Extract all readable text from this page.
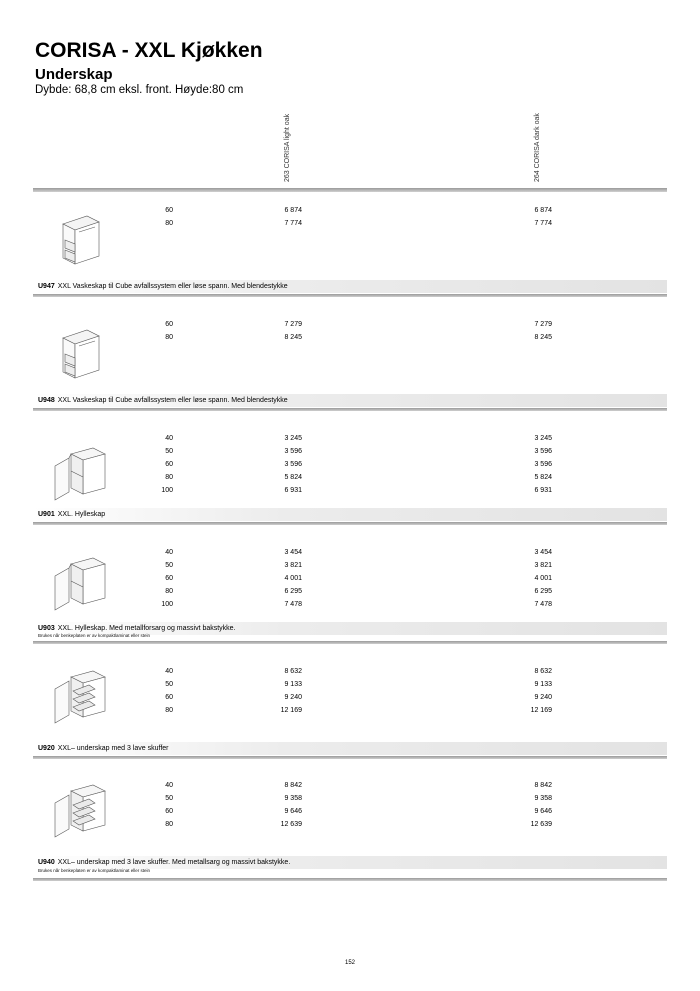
CORISA - XXL Kjøkken
Underskap
Dybde: 68,8 cm eksl. front. Høyde:80 cm
263 CORISA light oak	264 CORISA dark oak
60	6 874	6 874
80	7 774	7 774
U947 XXL Vaskeskap til Cube avfallssystem eller løse spann. Med blendestykke
60	7 279	7 279
80	8 245	8 245
U948 XXL Vaskeskap til Cube avfallssystem eller løse spann. Med blendestykke
40	3 245	3 245
50	3 596	3 596
60	3 596	3 596
80	5 824	5 824
100	6 931	6 931
U901 XXL. Hylleskap
40	3 454	3 454
50	3 821	3 821
60	4 001	4 001
80	6 295	6 295
100	7 478	7 478
U903 XXL. Hylleskap. Med metallforsarg og massivt bakstykke.
Brukes når benkeplaten er av kompaktlaminat eller stein
40	8 632	8 632
50	9 133	9 133
60	9 240	9 240
80	12 169	12 169
U920 XXL– underskap med 3 lave skuffer
40	8 842	8 842
50	9 358	9 358
60	9 646	9 646
80	12 639	12 639
U940 XXL– underskap med 3 lave skuffer. Med metallsarg og massivt bakstykke.
Brukes når benkeplaten er av kompaktlaminat eller stein
152
